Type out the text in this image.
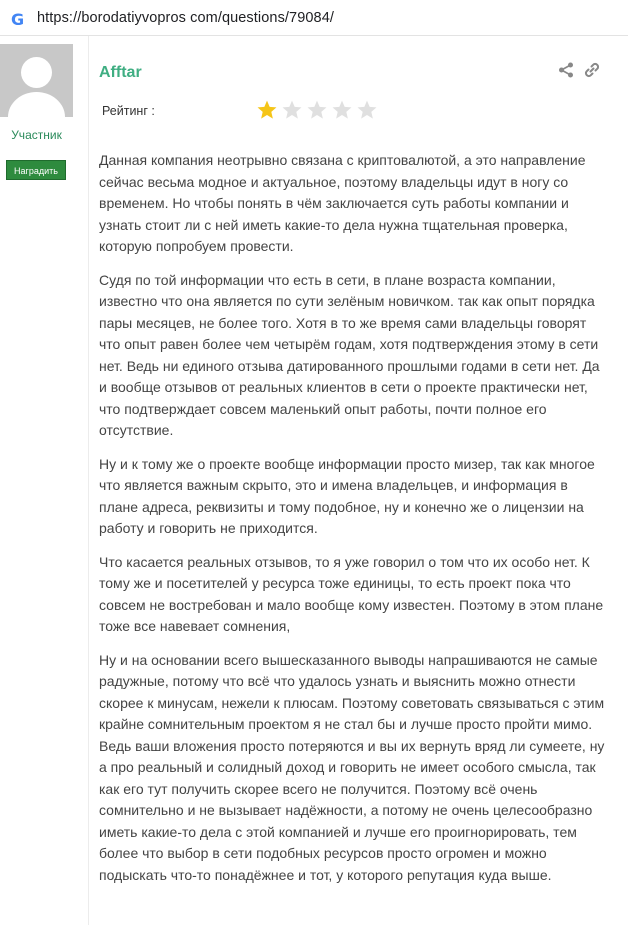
G https://borodatiyvopros com/questions/79084/
Участник
Наградить
Afftar
Рейтинг :

Данная компания неотрывно связана с криптовалютой, а это направление сейчас весьма модное и актуальное, поэтому владельцы идут в ногу со временем. Но чтобы понять в чём заключается суть работы компании и узнать стоит ли с ней иметь какие-то дела нужна тщательная проверка, которую попробуем провести.

Судя по той информации что есть в сети, в плане возраста компании, известно что она является по сути зелёным новичком. так как опыт порядка пары месяцев, не более того. Хотя в то же время сами владельцы говорят что опыт равен более чем четырём годам, хотя подтверждения этому в сети нет. Ведь ни единого отзыва датированного прошлыми годами в сети нет. Да и вообще отзывов от реальных клиентов в сети о проекте практически нет, что подтверждает совсем маленький опыт работы, почти полное его отсутствие.

Ну и к тому же о проекте вообще информации просто мизер, так как многое что является важным скрыто, это и имена владельцев, и информация в плане адреса, реквизиты и тому подобное, ну и конечно же о лицензии на работу и говорить не приходится.

Что касается реальных отзывов, то я уже говорил о том что их особо нет. К тому же и посетителей у ресурса тоже единицы, то есть проект пока что совсем не востребован и мало вообще кому известен. Поэтому в этом плане тоже все навевает сомнения,

Ну и на основании всего вышесказанного выводы напрашиваются не самые радужные, потому что всё что удалось узнать и выяснить можно отнести скорее к минусам, нежели к плюсам. Поэтому советовать связываться с этим крайне сомнительным проектом я не стал бы и лучше просто пройти мимо. Ведь ваши вложения просто потеряются и вы их вернуть вряд ли сумеете, ну а про реальный и солидный доход и говорить не имеет особого смысла, так как его тут получить скорее всего не получится. Поэтому всё очень сомнительно и не вызывает надёжности, а потому не очень целесообразно иметь какие-то дела с этой компанией и лучше его проигнорировать, тем более что выбор в сети подобных ресурсов просто огромен и можно подыскать что-то понадёжнее и тот, у которого репутация куда выше.
